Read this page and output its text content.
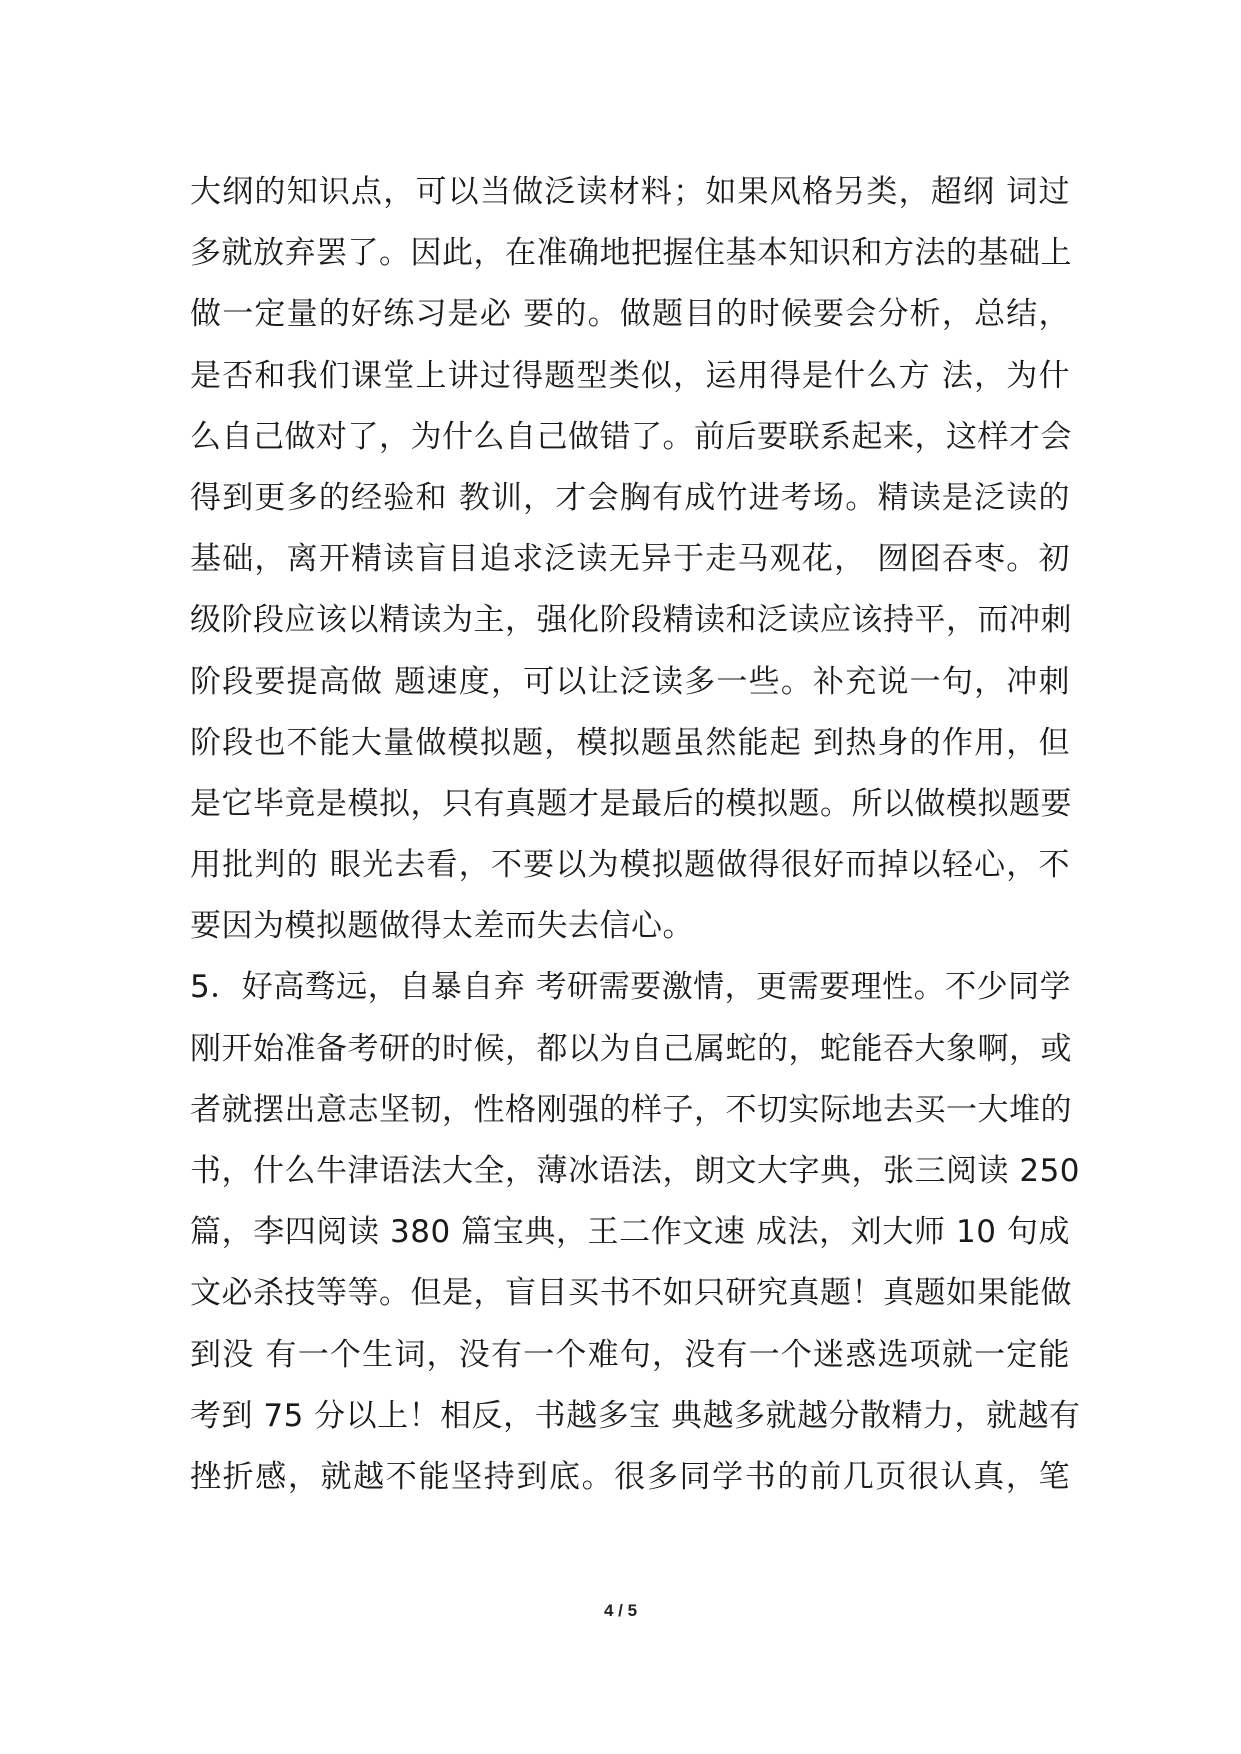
大纲的知识点，可以当做泛读材料；如果风格另类，超纲 词过
多就放弃罢了。因此，在准确地把握住基本知识和方法的基础上
做一定量的好练习是必 要的。做题目的时候要会分析，总结，
是否和我们课堂上讲过得题型类似，运用得是什么方 法，为什
么自己做对了，为什么自己做错了。前后要联系起来，这样才会
得到更多的经验和 教训，才会胸有成竹进考场。精读是泛读的
基础，离开精读盲目追求泛读无异于走马观花， 囫囵吞枣。初
级阶段应该以精读为主，强化阶段精读和泛读应该持平，而冲刺
阶段要提高做 题速度，可以让泛读多一些。补充说一句，冲刺
阶段也不能大量做模拟题，模拟题虽然能起 到热身的作用，但
是它毕竟是模拟，只有真题才是最后的模拟题。所以做模拟题要
用批判的 眼光去看，不要以为模拟题做得很好而掉以轻心，不
要因为模拟题做得太差而失去信心。
5．好高骛远，自暴自弃 考研需要激情，更需要理性。不少同学
刚开始准备考研的时候，都以为自己属蛇的，蛇能吞大象啊，或
者就摆出意志坚韧，性格刚强的样子，不切实际地去买一大堆的
书，什么牛津语法大全，薄冰语法，朗文大字典，张三阅读 250
篇，李四阅读 380 篇宝典，王二作文速 成法，刘大师 10 句成
文必杀技等等。但是，盲目买书不如只研究真题！真题如果能做
到没 有一个生词，没有一个难句，没有一个迷惑选项就一定能
考到 75 分以上！相反，书越多宝 典越多就越分散精力，就越有
挫折感，就越不能坚持到底。很多同学书的前几页很认真，笔
4 / 5
